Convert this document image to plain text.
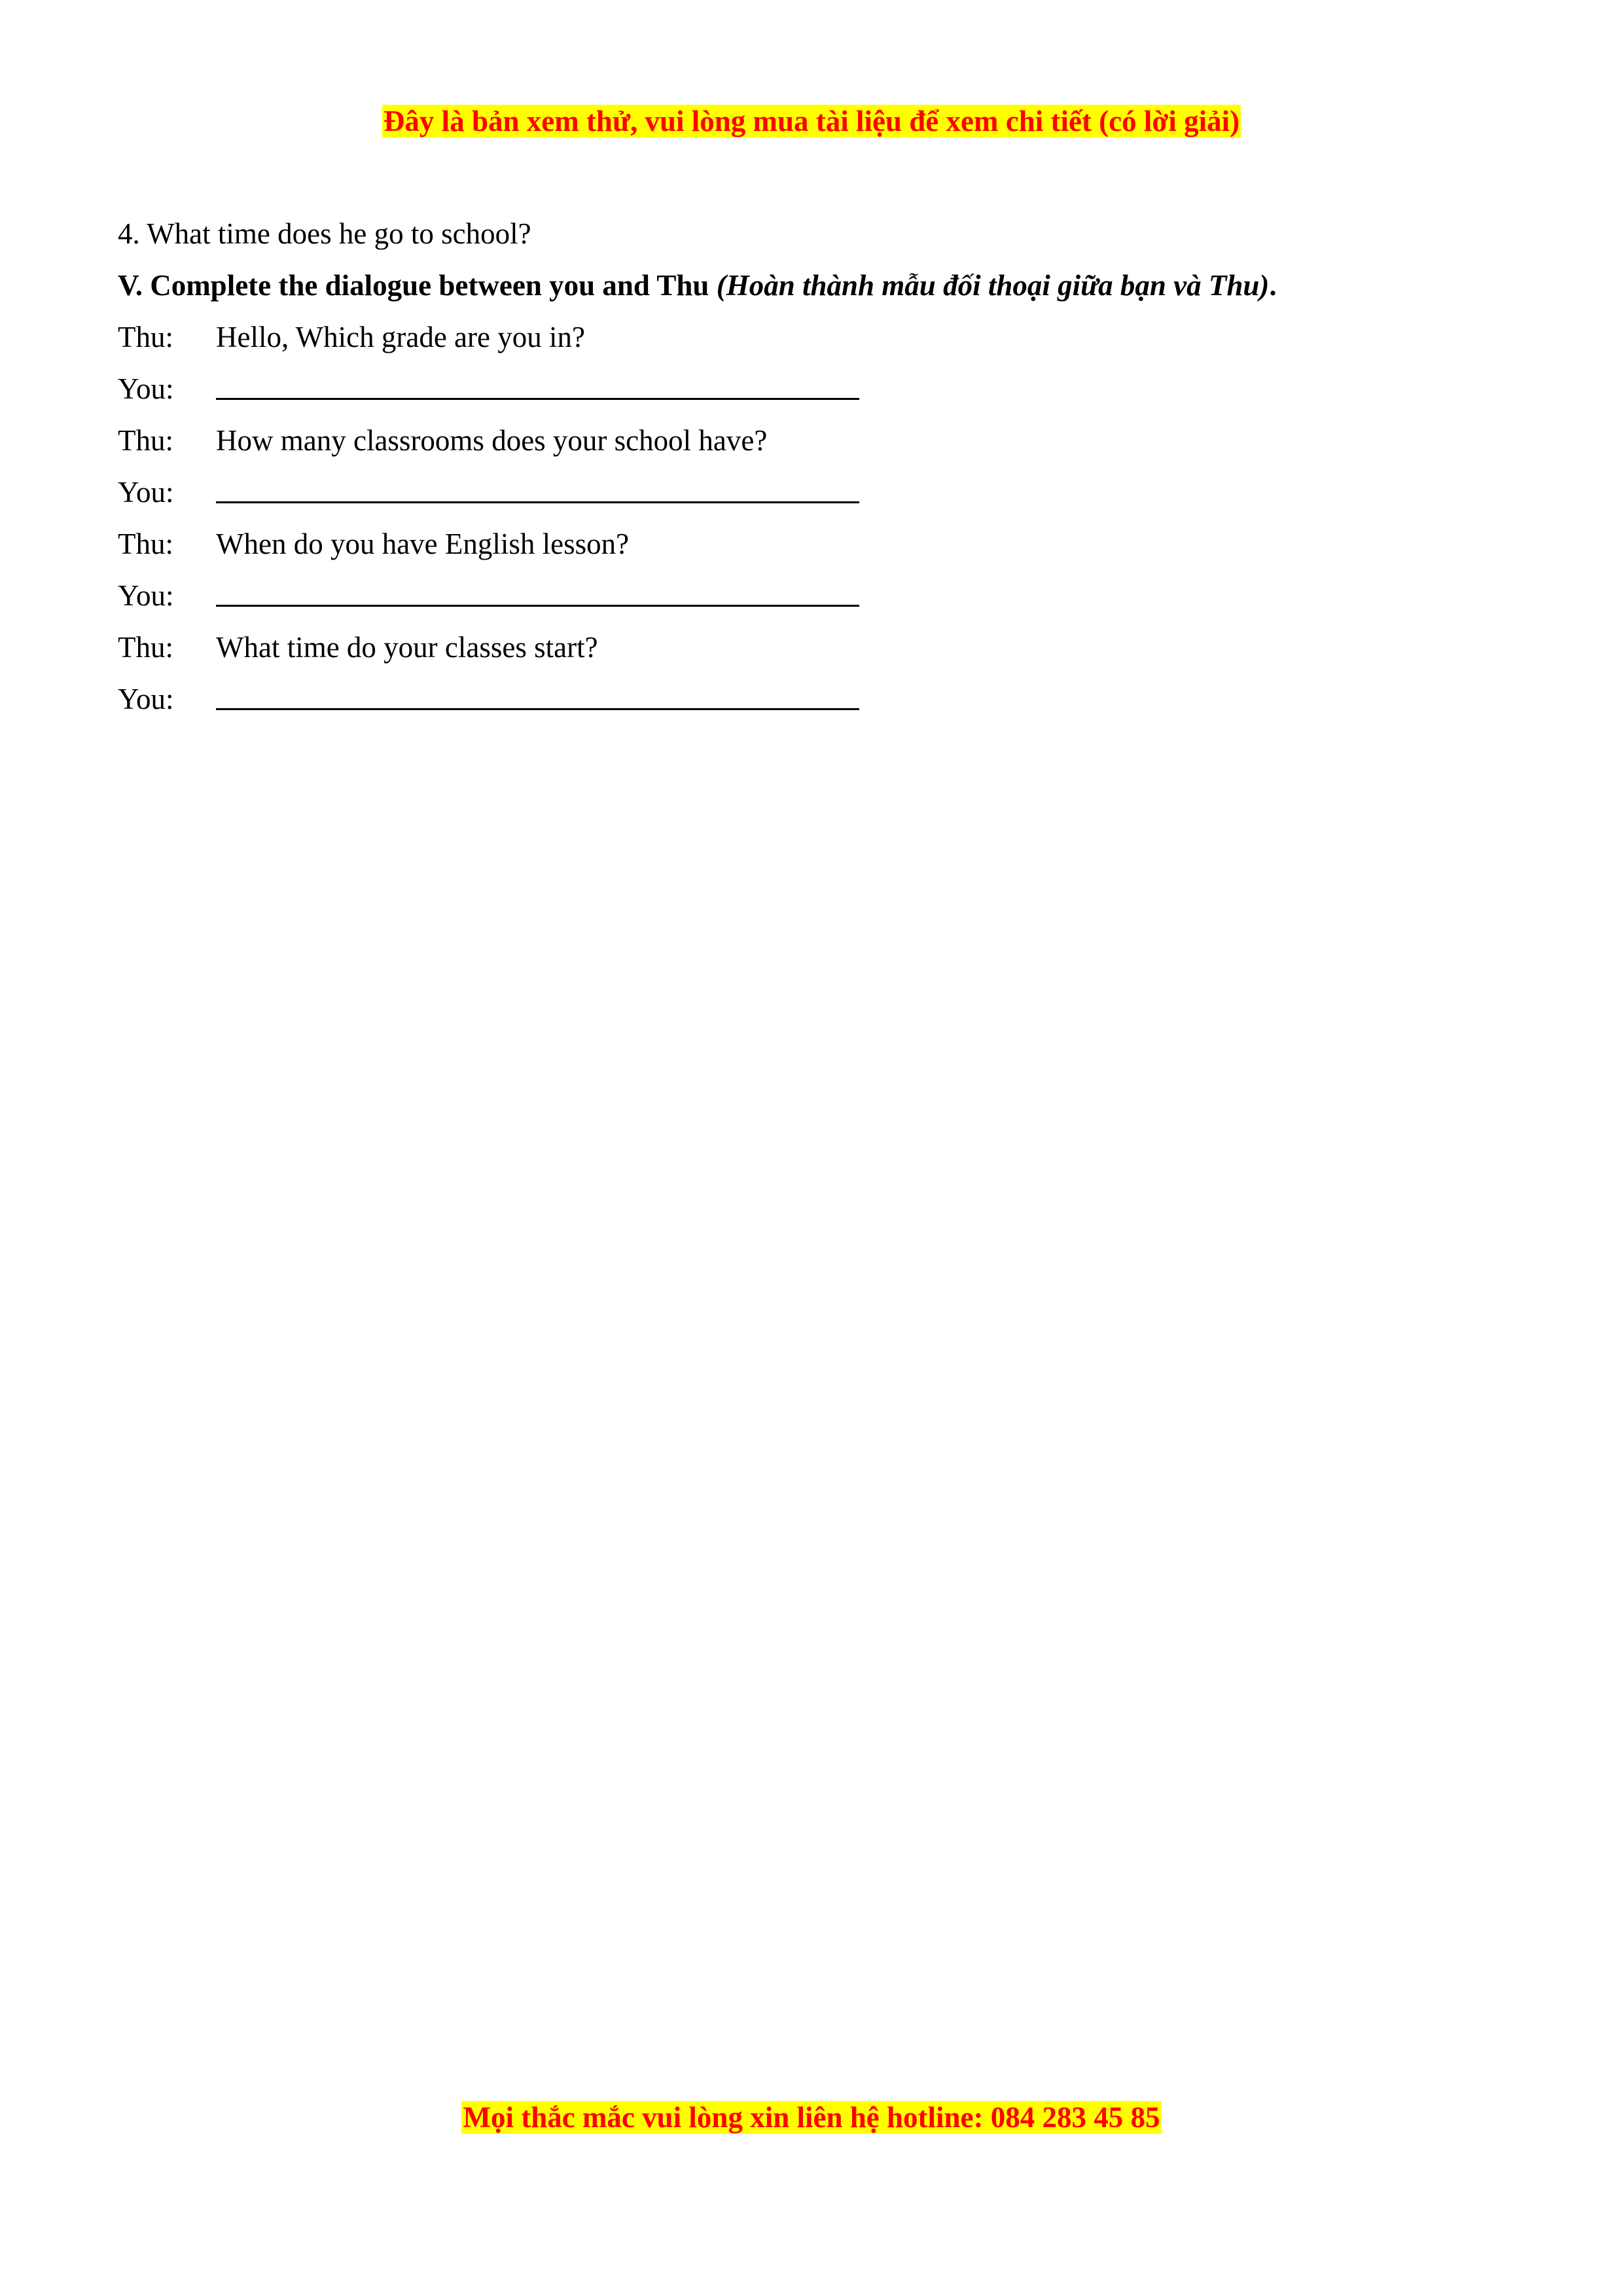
Đây là bản xem thử, vui lòng mua tài liệu để xem chi tiết (có lời giải)
4. What time does he go to school?
V. Complete the dialogue between you and Thu (Hoàn thành mẫu đối thoại giữa bạn và Thu).
Thu:	Hello, Which grade are you in?
You:
Thu:	How many classrooms does your school have?
You:
Thu:	When do you have English lesson?
You:
Thu:	What time do your classes start?
You:
Mọi thắc mắc vui lòng xin liên hệ hotline: 084 283 45 85
